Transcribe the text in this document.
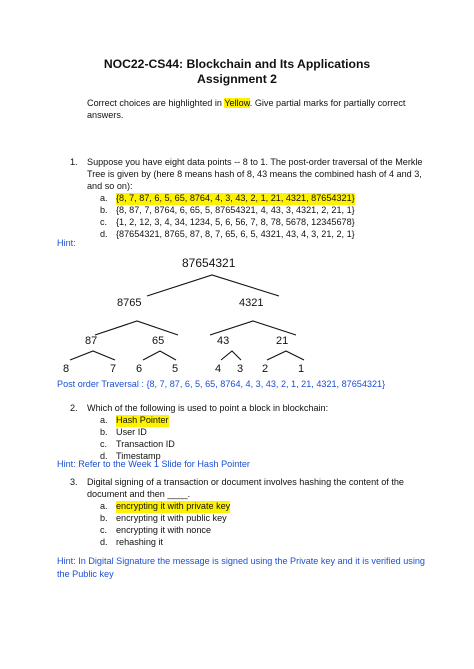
NOC22-CS44: Blockchain and Its Applications
Assignment 2
Correct choices are highlighted in Yellow. Give partial marks for partially correct
answers.
1. Suppose you have eight data points -- 8 to 1. The post-order traversal of the Merkle
Tree is given by (here 8 means hash of 8, 43 means the combined hash of 4 and 3,
and so on):
a. {8, 7, 87, 6, 5, 65, 8764, 4, 3, 43, 2, 1, 21, 4321, 87654321}
b. {8, 87, 7, 8764, 6, 65, 5, 87654321, 4, 43, 3, 4321, 2, 21, 1}
c. {1, 2, 12, 3, 4, 34, 1234, 5, 6, 56, 7, 8, 78, 5678, 12345678}
d. {87654321, 8765, 87, 8, 7, 65, 6, 5, 4321, 43, 4, 3, 21, 2, 1}
Hint:
87654321
8765	4321
87	65	43	21
8	7 6	5	4 3 2	1
Post order Traversal : {8, 7, 87, 6, 5, 65, 8764, 4, 3, 43, 2, 1, 21, 4321, 87654321}
2. Which of the following is used to point a block in blockchain:
a. Hash Pointer
b. User ID
c. Transaction ID
d. Timestamp
Hint: Refer to the Week 1 Slide for Hash Pointer
3. Digital signing of a transaction or document involves hashing the content of the
document and then ____.
a. encrypting it with private key
b. encrypting it with public key
c. encrypting it with nonce
d. rehashing it
Hint: In Digital Signature the message is signed using the Private key and it is verified using
the Public key
